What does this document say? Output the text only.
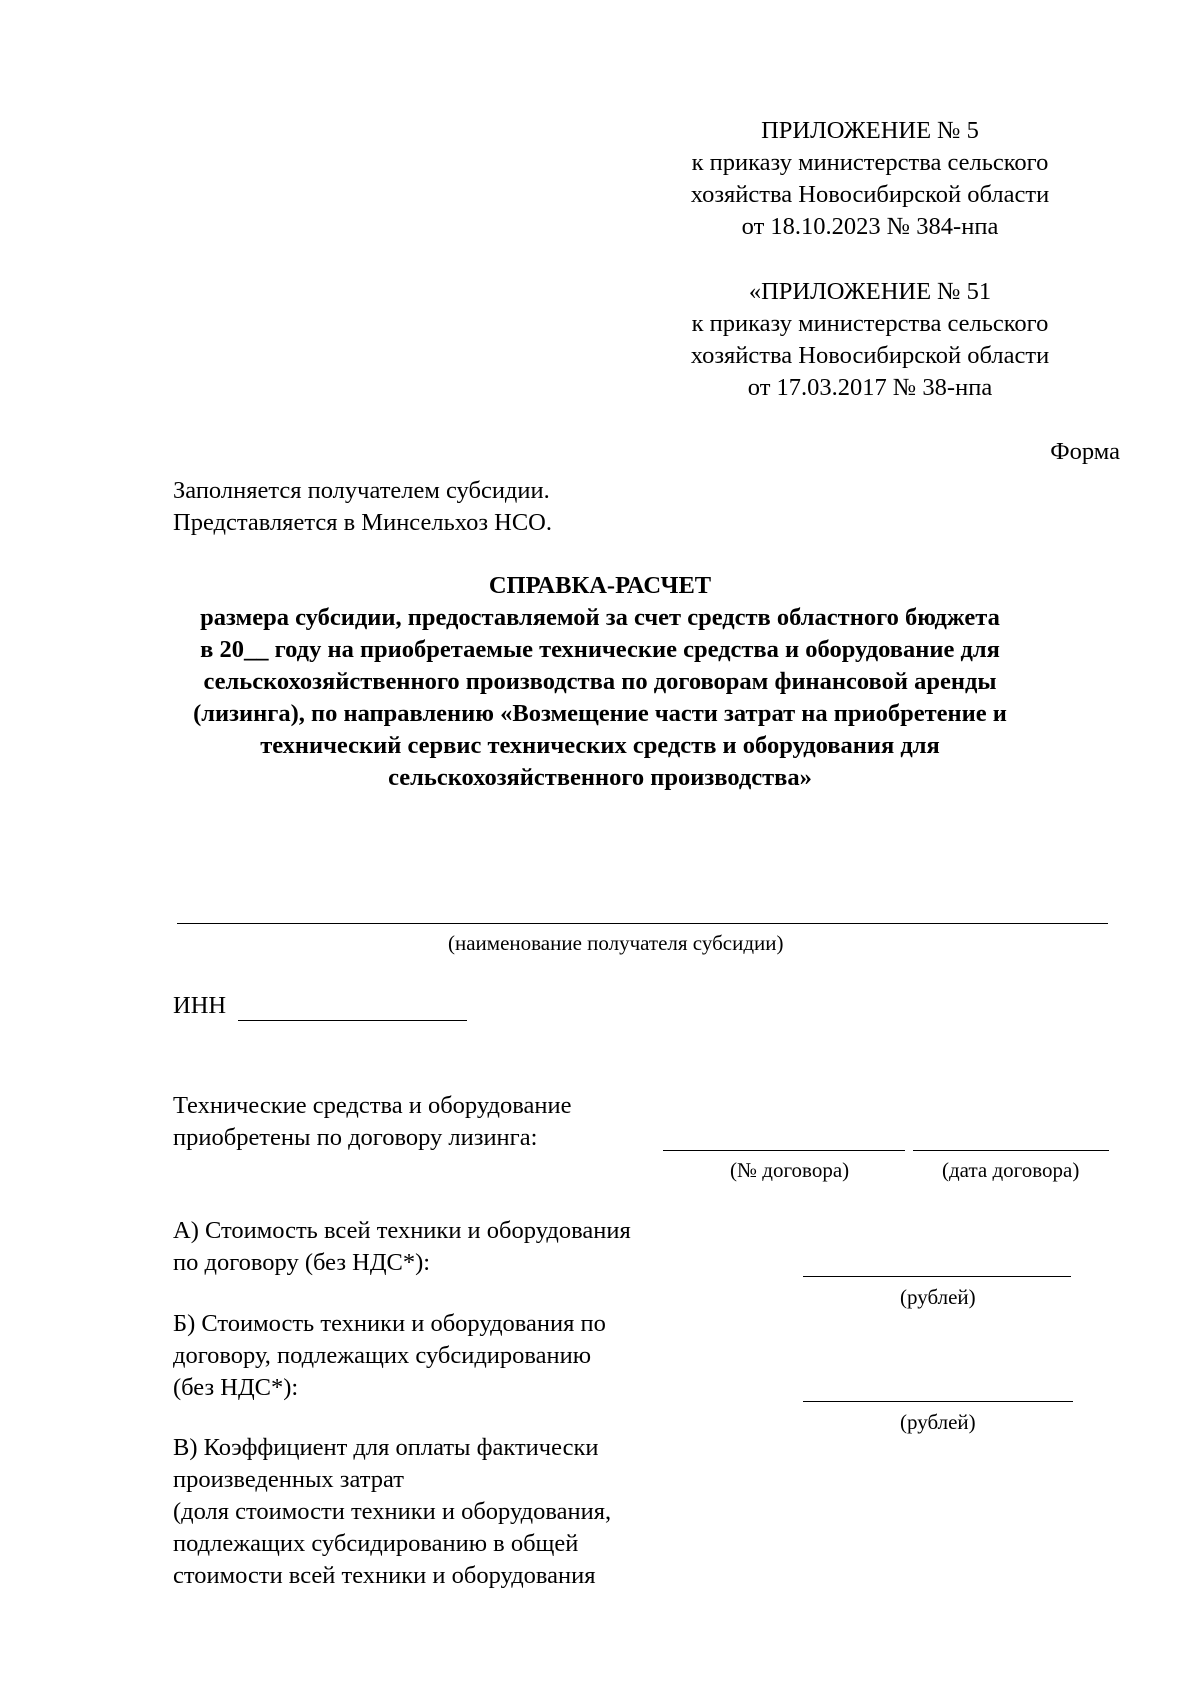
ПРИЛОЖЕНИЕ № 5
к приказу министерства сельского
хозяйства Новосибирской области
от 18.10.2023 № 384-нпа
«ПРИЛОЖЕНИЕ № 51
к приказу министерства сельского
хозяйства Новосибирской области
от 17.03.2017 № 38-нпа
Форма
Заполняется получателем субсидии.
Представляется в Минсельхоз НСО.
СПРАВКА-РАСЧЕТ
размера субсидии, предоставляемой за счет средств областного бюджета
в 20__ году на приобретаемые технические средства и оборудование для
сельскохозяйственного производства по договорам финансовой аренды
(лизинга), по направлению «Возмещение части затрат на приобретение и
технический сервис технических средств и оборудования для
сельскохозяйственного производства»
(наименование получателя субсидии)
ИНН
Технические средства и оборудование
приобретены по договору лизинга:
(№ договора)	(дата договора)
А) Стоимость всей техники и оборудования
по договору (без НДС*):
(рублей)
Б) Стоимость техники и оборудования по
договору, подлежащих субсидированию
(без НДС*):
(рублей)
В) Коэффициент для оплаты фактически
произведенных затрат
(доля стоимости техники и оборудования,
подлежащих субсидированию в общей
стоимости всей техники и оборудования
